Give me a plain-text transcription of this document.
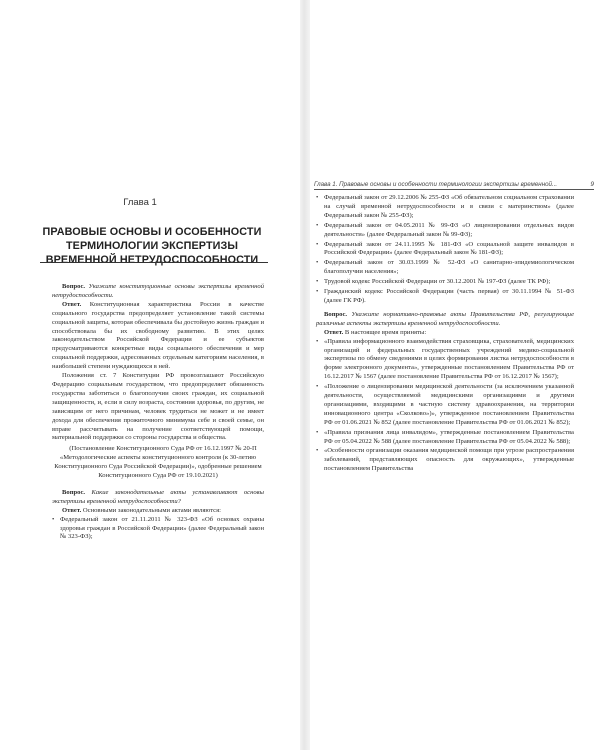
Глава 1
ПРАВОВЫЕ ОСНОВЫ И ОСОБЕННОСТИ ТЕРМИНОЛОГИИ ЭКСПЕРТИЗЫ ВРЕМЕННОЙ НЕТРУДОСПОСОБНОСТИ

Вопрос. Укажите конституционные основы экспертизы временной нетрудоспособности.

Ответ. Конституционная характеристика России в качестве социального государства предопределяет установление такой системы социальной защиты, которая обеспечивала бы достойную жизнь граждан и способствовала бы их свободному развитию. В этих целях законодательством Российской Федерации и ее субъектов предусматриваются конкретные виды социального обеспечения и мер социальной поддержки, адресованных отдельным категориям населения, в наибольшей степени нуждающихся в ней.

Положения ст. 7 Конституции РФ провозглашают Российскую Федерацию социальным государством, что предопределяет обязанность государства заботиться о благополучии своих граждан, их социальной защищенности, и, если в силу возраста, состояния здоровья, по другим, не зависящим от него причинам, человек трудиться не может и не имеет дохода для обеспечения прожиточного минимума себе и своей семье, он вправе рассчитывать на получение соответствующей помощи, материальной поддержки со стороны государства и общества.

(Постановление Конституционного Суда РФ от 16.12.1997 № 20-П «Методологические аспекты конституционного контроля (к 30-летию Конституционного Суда Российской Федерации)», одобренные решением Конституционного Суда РФ от 19.10.2021)

Вопрос. Какие законодательные акты устанавливают основы экспертизы временной нетрудоспособности?

Ответ. Основными законодательными актами являются:

• Федеральный закон от 21.11.2011 № 323-ФЗ «Об основах охраны здоровья граждан в Российской Федерации» (далее Федеральный закон № 323-ФЗ);
Глава 1. Правовые основы и особенности терминологии экспертизы временной...	9
• Федеральный закон от 29.12.2006 № 255-ФЗ «Об обязательном социальном страховании на случай временной нетрудоспособности и в связи с материнством» (далее Федеральный закон № 255-ФЗ);
• Федеральный закон от 04.05.2011 № 99-ФЗ «О лицензировании отдельных видов деятельности» (далее Федеральный закон № 99-ФЗ);
• Федеральный закон от 24.11.1995 № 181-ФЗ «О социальной защите инвалидов в Российской Федерации» (далее Федеральный закон № 181-ФЗ);
• Федеральный закон от 30.03.1999 № 52-ФЗ «О санитарно-эпидемиологическом благополучии населения»;
• Трудовой кодекс Российской Федерации от 30.12.2001 № 197-ФЗ (далее ТК РФ);
• Гражданский кодекс Российской Федерации (часть первая) от 30.11.1994 № 51-ФЗ (далее ГК РФ).

Вопрос. Укажите нормативно-правовые акты Правительства РФ, регулирующие различные аспекты экспертизы временной нетрудоспособности.

Ответ. В настоящее время приняты:

• «Правила информационного взаимодействия страховщика, страхователей, медицинских организаций и федеральных государственных учреждений медико-социальной экспертизы по обмену сведениями в целях формирования листка нетрудоспособности в форме электронного документа», утвержденные постановлением Правительства РФ от 16.12.2017 № 1567 (далее постановление Правительства РФ от 16.12.2017 № 1567);
• «Положение о лицензировании медицинской деятельности (за исключением указанной деятельности, осуществляемой медицинскими организациями и другими организациями, входящими в частную систему здравоохранения, на территории инновационного центра «Сколково»)», утвержденное постановлением Правительства РФ от 01.06.2021 № 852 (далее постановление Правительства РФ от 01.06.2021 № 852);
• «Правила признания лица инвалидом», утвержденные постановлением Правительства РФ от 05.04.2022 № 588 (далее постановление Правительства РФ от 05.04.2022 № 588);
• «Особенности организации оказания медицинской помощи при угрозе распространения заболеваний, представляющих опасность для окружающих», утвержденные постановлением Правительства
